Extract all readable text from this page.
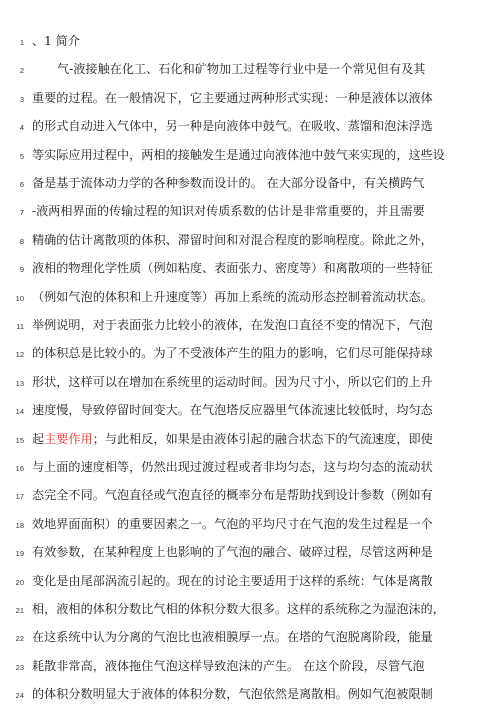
1 、1 简介
2	气-液接触在化工、石化和矿物加工过程等行业中是一个常见但有及其
3 重要的过程。在一般情况下，它主要通过两种形式实现：一种是液体以液体
4 的形式自动进入气体中，另一种是向液体中鼓气。在吸收、蒸馏和泡沫浮选
5 等实际应用过程中，两相的接触发生是通过向液体池中鼓气来实现的，这些设
6 备是基于流体动力学的各种参数而设计的。 在大部分设备中，有关横跨气
7 -液两相界面的传输过程的知识对传质系数的估计是非常重要的，并且需要
8 精确的估计离散项的体积、滞留时间和对混合程度的影响程度。除此之外，
9 液相的物理化学性质（例如粘度、表面张力、密度等）和离散项的一些特征
10 （例如气泡的体积和上升速度等）再加上系统的流动形态控制着流动状态。
11 举例说明，对于表面张力比较小的液体，在发泡口直径不变的情况下，气泡
12 的体积总是比较小的。为了不受液体产生的阻力的影响，它们尽可能保持球
13 形状，这样可以在增加在系统里的运动时间。因为尺寸小，所以它们的上升
14 速度慢，导致停留时间变大。在气泡塔反应器里气体流速比较低时，均匀态
15 起主要作用；与此相反，如果是由液体引起的融合状态下的气流速度，即使
16 与上面的速度相等，仍然出现过渡过程或者非均匀态，这与均匀态的流动状
17 态完全不同。气泡直径或气泡直径的概率分布是帮助找到设计参数（例如有
18 效地界面面积）的重要因素之一。气泡的平均尺寸在气泡的发生过程是一个
19 有效参数，在某种程度上也影响的了气泡的融合、破碎过程，尽管这两种是
20 变化是由尾部涡流引起的。现在的讨论主要适用于这样的系统：气体是离散
21 相，液相的体积分数比气相的体积分数大很多。这样的系统称之为湿泡沫的，
22 在这系统中认为分离的气泡比也液相膜厚一点。在塔的气泡脱离阶段，能量
23 耗散非常高，液体拖住气泡这样导致泡沫的产生。 在这个阶段，尽管气泡
24 的体积分数明显大于液体的体积分数，气泡依然是离散相。例如气泡被限制
